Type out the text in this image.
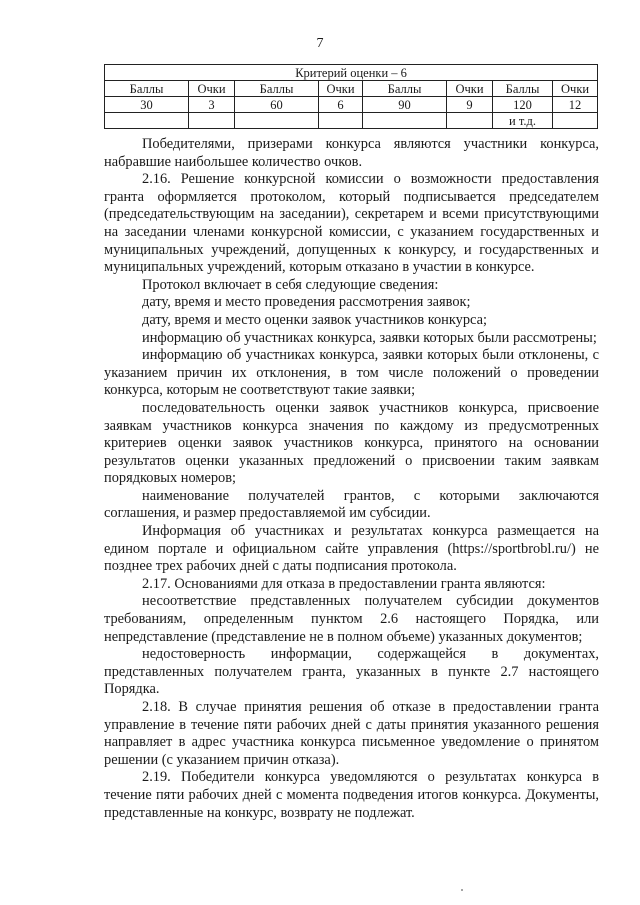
7
Критерий оценки – 6							
Баллы	Очки	Баллы	Очки	Баллы	Очки	Баллы	Очки
30	3	60	6	90	9	120	12
						и т.д.	

Победителями, призерами конкурса являются участники конкурса, набравшие наибольшее количество очков.

2.16. Решение конкурсной комиссии о возможности предоставления гранта оформляется протоколом, который подписывается председателем (председательствующим на заседании), секретарем и всеми присутствующими на заседании членами конкурсной комиссии, с указанием государственных и муниципальных учреждений, допущенных к конкурсу, и государственных и муниципальных учреждений, которым отказано в участии в конкурсе.

Протокол включает в себя следующие сведения:

дату, время и место проведения рассмотрения заявок;

дату, время и место оценки заявок участников конкурса;

информацию об участниках конкурса, заявки которых были рассмотрены;

информацию об участниках конкурса, заявки которых были отклонены, с указанием причин их отклонения, в том числе положений о проведении конкурса, которым не соответствуют такие заявки;

последовательность оценки заявок участников конкурса, присвоение заявкам участников конкурса значения по каждому из предусмотренных критериев оценки заявок участников конкурса, принятого на основании результатов оценки указанных предложений о присвоении таким заявкам порядковых номеров;

наименование получателей грантов, с которыми заключаются соглашения, и размер предоставляемой им субсидии.

Информация об участниках и результатах конкурса размещается на едином портале и официальном сайте управления (https://sportbrobl.ru/) не позднее трех рабочих дней с даты подписания протокола.

2.17. Основаниями для отказа в предоставлении гранта являются:

несоответствие представленных получателем субсидии документов требованиям, определенным пунктом 2.6 настоящего Порядка, или непредставление (представление не в полном объеме) указанных документов;

недостоверность информации, содержащейся в документах, представленных получателем гранта, указанных в пункте 2.7 настоящего Порядка.

2.18. В случае принятия решения об отказе в предоставлении гранта управление в течение пяти рабочих дней с даты принятия указанного решения направляет в адрес участника конкурса письменное уведомление о принятом решении (с указанием причин отказа).

2.19. Победители конкурса уведомляются о результатах конкурса в течение пяти рабочих дней с момента подведения итогов конкурса. Документы, представленные на конкурс, возврату не подлежат.
